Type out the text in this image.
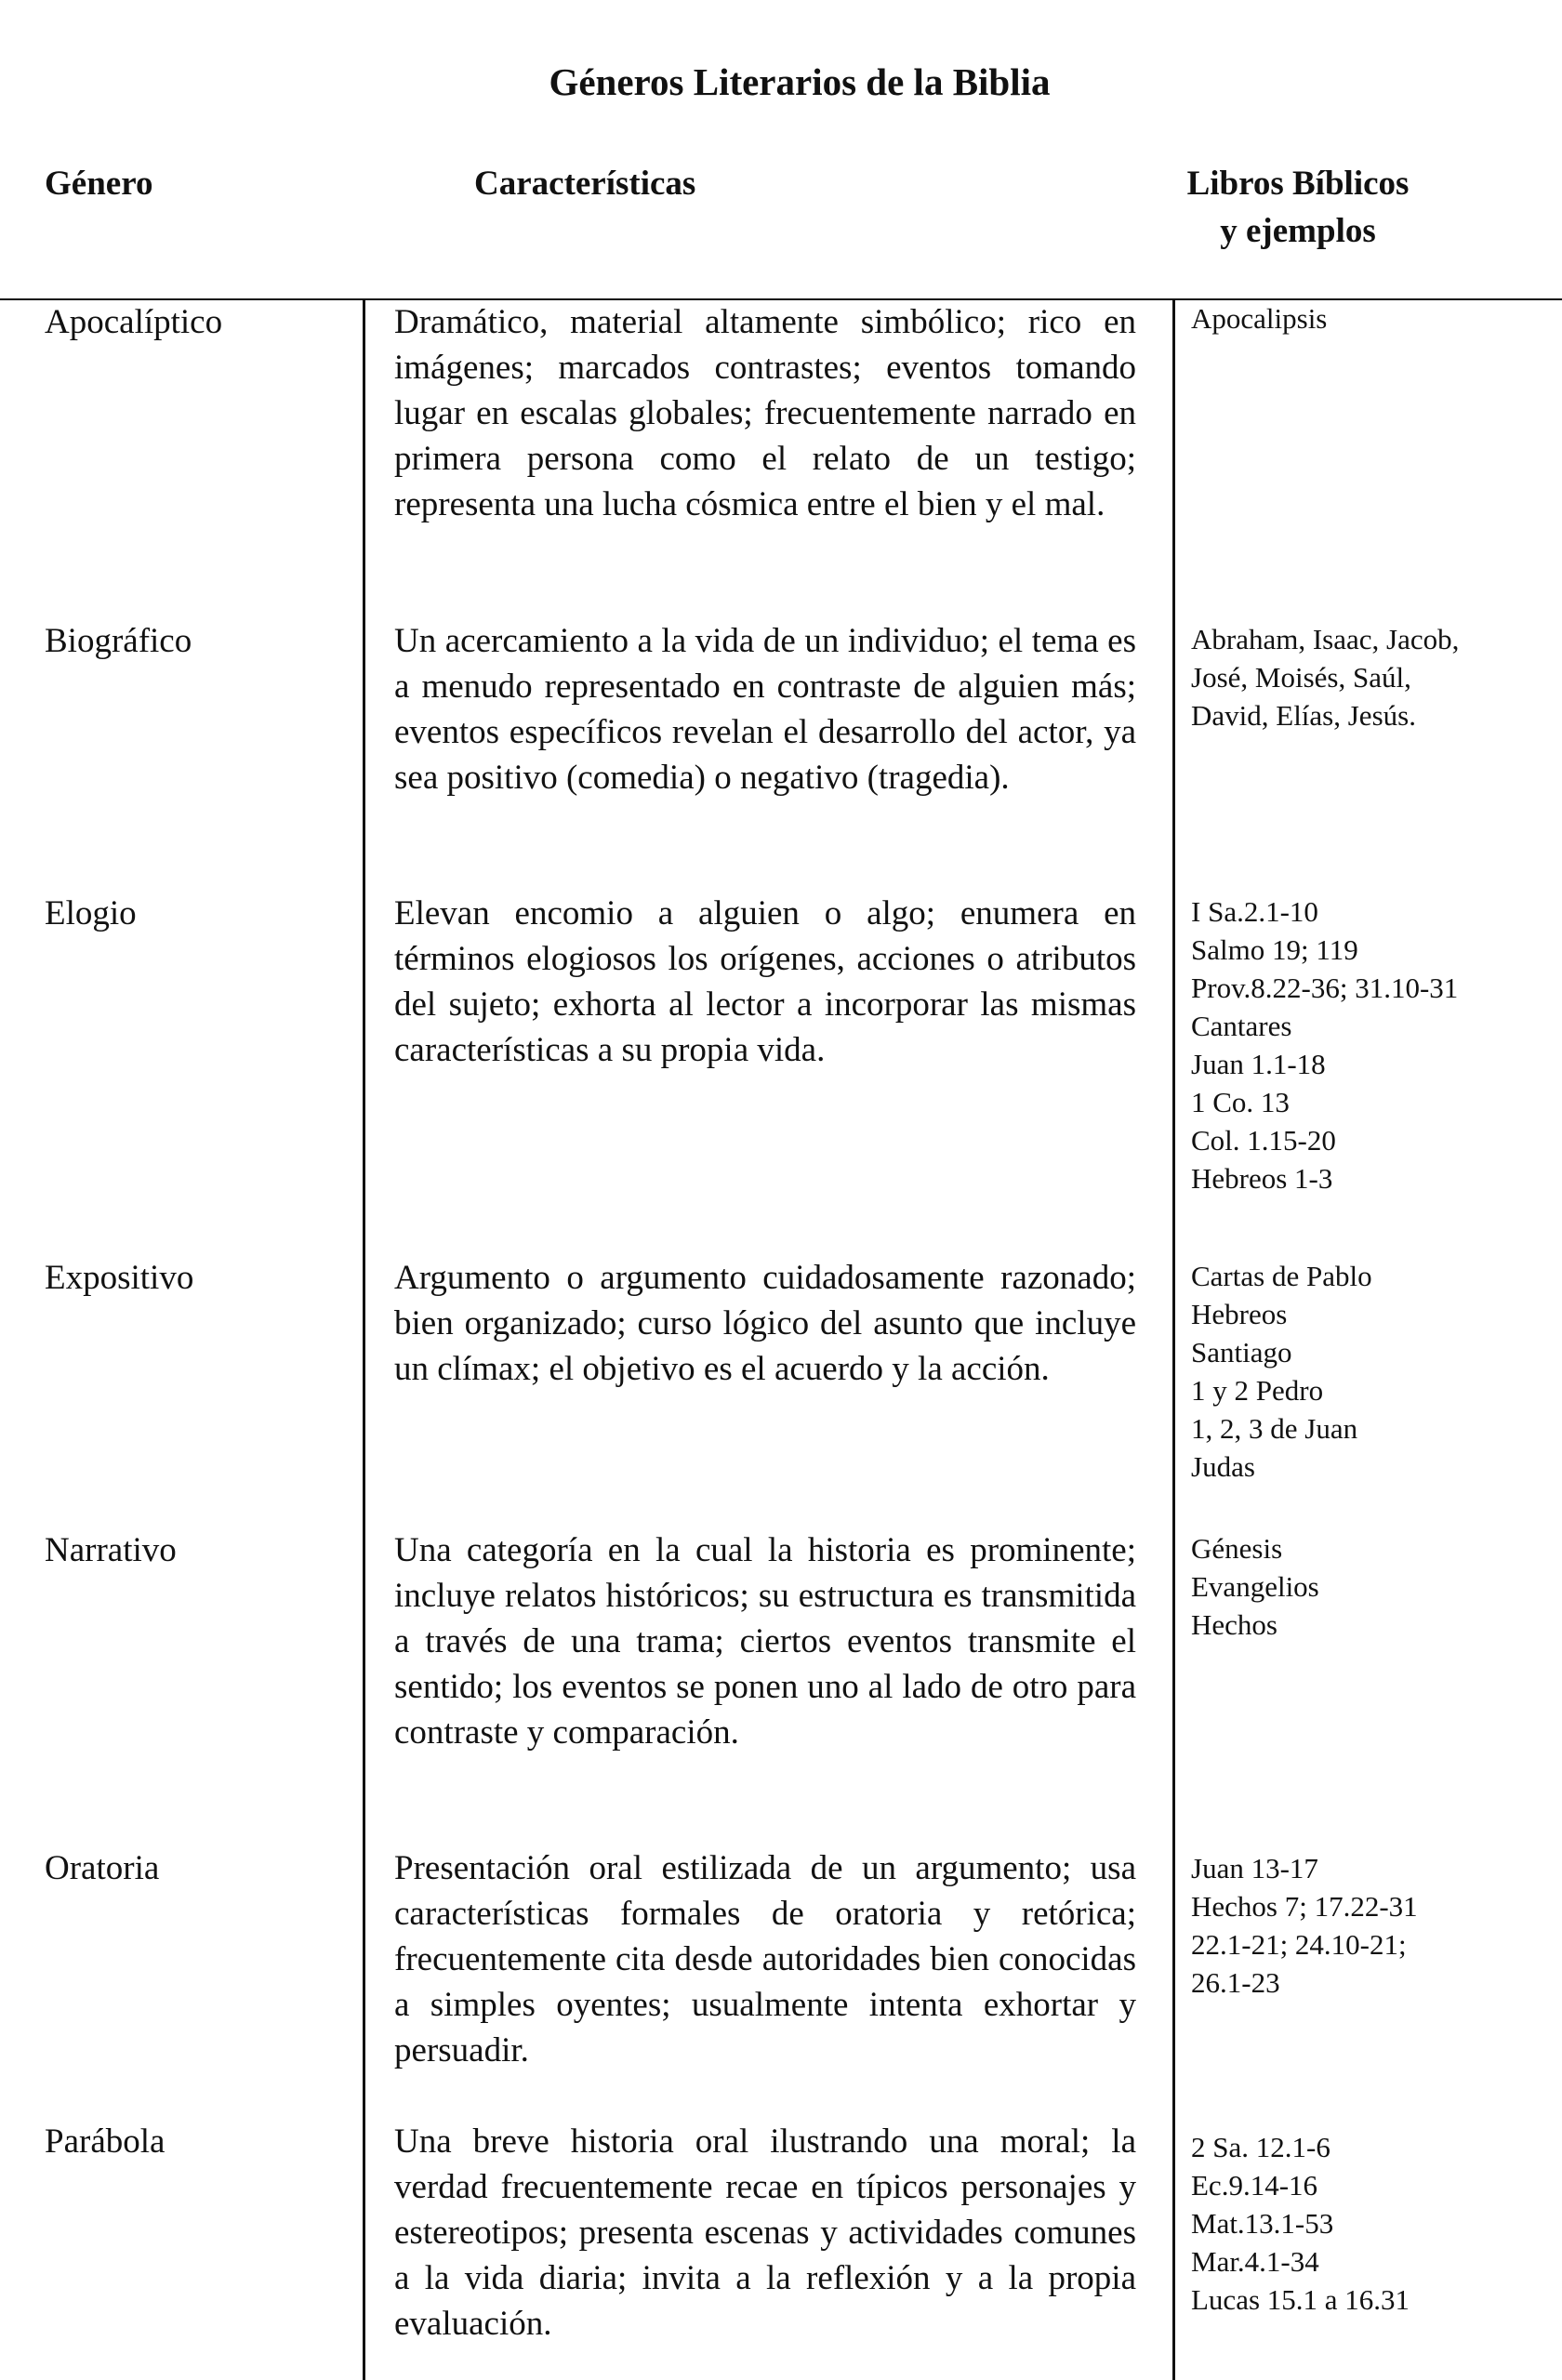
Géneros Literarios de la Biblia
Género	Características	Libros Bíblicos
y ejemplos
Apocalíptico	Dramático, material altamente simbólico; rico en imágenes; marcados contrastes; eventos tomando lugar en escalas globales; frecuentemente narrado en primera persona como el relato de un testigo; representa una lucha cósmica entre el bien y el mal.
Apocalipsis
Biográfico	Un acercamiento a la vida de un individuo; el tema es a menudo representado en contraste de alguien más; eventos específicos revelan el desarrollo del actor, ya sea positivo (comedia) o negativo (tragedia).
Abraham, Isaac, Jacob,
José, Moisés, Saúl,
David, Elías, Jesús.
Elogio	Elevan encomio a alguien o algo; enumera en términos elogiosos los orígenes, acciones o atributos del sujeto; exhorta al lector a incorporar las mismas características a su propia vida.
I Sa.2.1-10
Salmo 19; 119
Prov.8.22-36; 31.10-31
Cantares
Juan 1.1-18
1 Co. 13
Col. 1.15-20
Hebreos 1-3
Expositivo	Argumento o argumento cuidadosamente razonado; bien organizado; curso lógico del asunto que incluye un clímax; el objetivo es el acuerdo y la acción.
Cartas de Pablo
Hebreos
Santiago
1 y 2 Pedro
1, 2, 3 de Juan
Judas
Narrativo	Una categoría en la cual la historia es prominente; incluye relatos históricos; su estructura es transmitida a través de una trama; ciertos eventos transmite el sentido; los eventos se ponen uno al lado de otro para contraste y comparación.
Génesis
Evangelios
Hechos
Oratoria	Presentación oral estilizada de un argumento; usa características formales de oratoria y retórica; frecuentemente cita desde autoridades bien conocidas a simples oyentes; usualmente intenta exhortar y persuadir.
Juan 13-17
Hechos 7; 17.22-31
22.1-21; 24.10-21;
26.1-23
Parábola	Una breve historia oral ilustrando una moral; la verdad frecuentemente recae en típicos personajes y estereotipos; presenta escenas y actividades comunes a la vida diaria; invita a la reflexión y a la propia evaluación.
2 Sa. 12.1-6
Ec.9.14-16
Mat.13.1-53
Mar.4.1-34
Lucas 15.1 a 16.31
